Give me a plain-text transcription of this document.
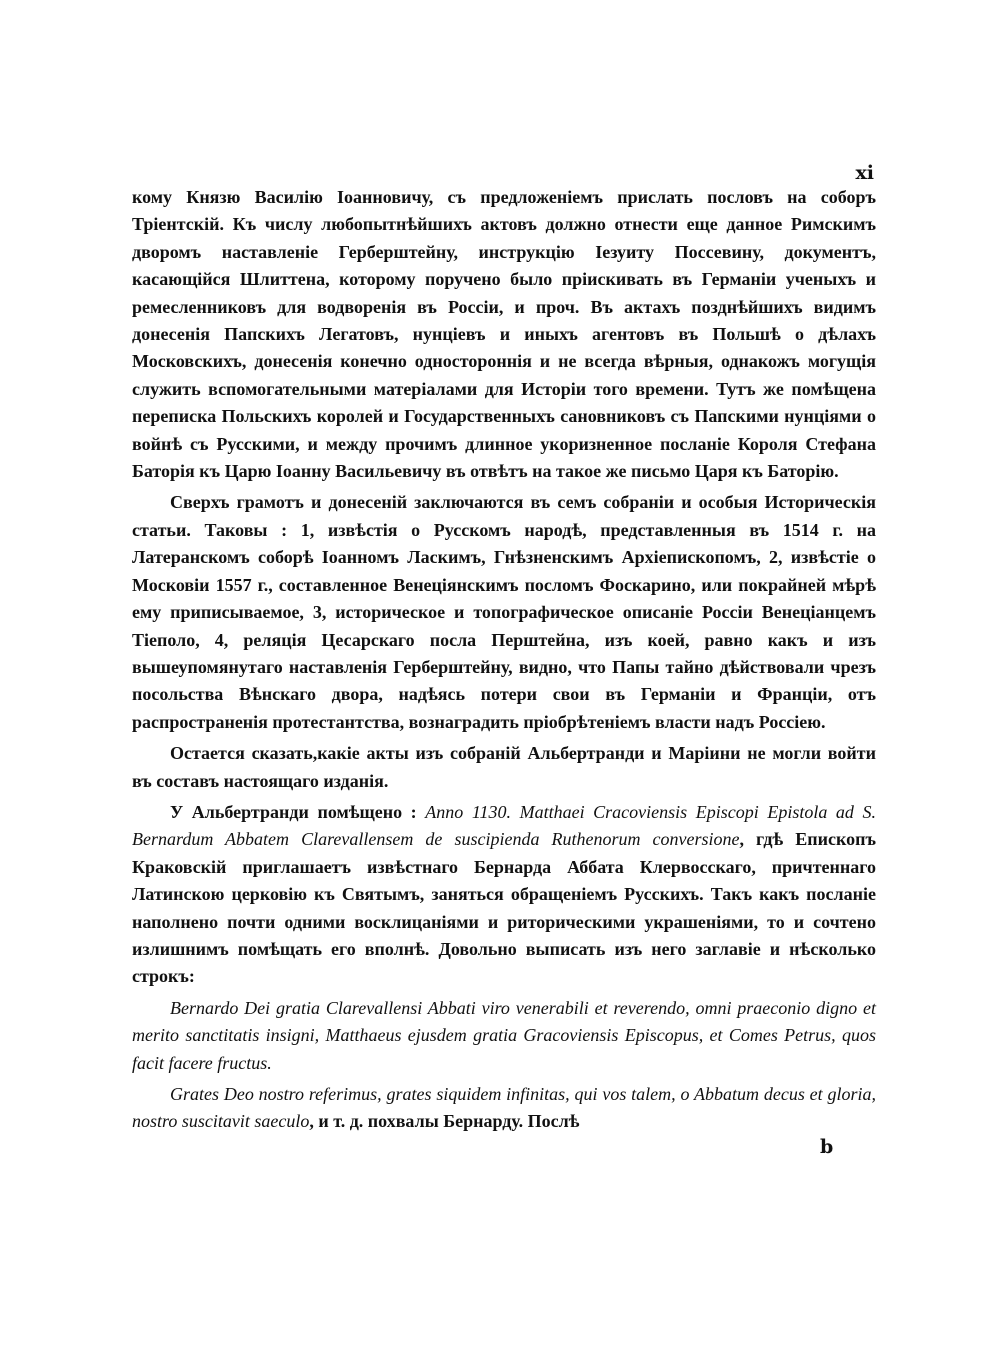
xi

кому Князю Василію Іоанновичу, съ предложеніемъ прислать пословъ на соборъ Тріентскій. Къ числу любопытнѣйшихъ актовъ должно отнести еще данное Римскимъ дворомъ наставленіе Герберштейну, инструкцію Іезуиту Поссевину, документъ, касающійся Шлиттена, которому поручено было пріискивать въ Германіи ученыхъ и ремесленниковъ для водворенія въ Россіи, и проч. Въ актахъ позднѣйшихъ видимъ донесенія Папскихъ Легатовъ, нунціевъ и иныхъ агентовъ въ Польшѣ о дѣлахъ Московскихъ, донесенія конечно одностороннія и не всегда вѣрныя, однакожъ могущія служить вспомогательными матеріалами для Исторіи того времени. Тутъ же помѣщена переписка Польскихъ королей и Государственныхъ сановниковъ съ Папскими нунціями о войнѣ съ Русскими, и между прочимъ длинное укоризненное посланіе Короля Стефана Баторія къ Царю Іоанну Васильевичу въ отвѣтъ на такое же письмо Царя къ Баторію.

Сверхъ грамотъ и донесеній заключаются въ семъ собраніи и особыя Историческія статьи. Таковы : 1, извѣстія о Русскомъ народѣ, представленныя въ 1514 г. на Латеранскомъ соборѣ Іоанномъ Ласкимъ, Гнѣзненскимъ Архіепископомъ, 2, извѣстіе о Московіи 1557 г., составленное Венеціянскимъ посломъ Фоскарино, или покрайней мѣрѣ ему приписываемое, 3, историческое и топографическое описаніе Россіи Венеціанцемъ Тіеполо, 4, реляція Цесарскаго посла Перштейна, изъ коей, равно какъ и изъ вышеупомянутаго наставленія Герберштейну, видно, что Папы тайно дѣйствовали чрезъ посольства Вѣнскаго двора, надѣясь потери свои въ Германіи и Франціи, отъ распространенія протестантства, вознаградить пріобрѣтеніемъ власти надъ Россіею.

Остается сказать,какіе акты изъ собраній Альбертранди и Маріини не могли войти въ составъ настоящаго изданія.

У Альбертранди помѣщено : Anno 1130. Matthaei Cracoviensis Episcopi Epistola ad S. Bernardum Abbatem Clarevallensem de suscipienda Ruthenorum conversione, гдѣ Епископъ Краковскій приглашаетъ извѣстнаго Бернарда Аббата Клервосскаго, причтеннаго Латинскою церковію къ Святымъ, заняться обращеніемъ Русскихъ. Такъ какъ посланіе наполнено почти одними восклицаніями и риторическими украшеніями, то и сочтено излишнимъ помѣщать его вполнѣ. Довольно выписать изъ него заглавіе и нѣсколько строкъ:

Bernardo Dei gratia Clarevallensi Abbati viro venerabili et reverendo, omni praeconio digno et merito sanctitatis insigni, Matthaeus ejusdem gratia Gracoviensis Episcopus, et Comes Petrus, quos facit facere fructus.

Grates Deo nostro referimus, grates siquidem infinitas, qui vos talem, o Abbatum decus et gloria, nostro suscitavit saeculo, и т. д. похвалы Бернарду. Послѣ

b
